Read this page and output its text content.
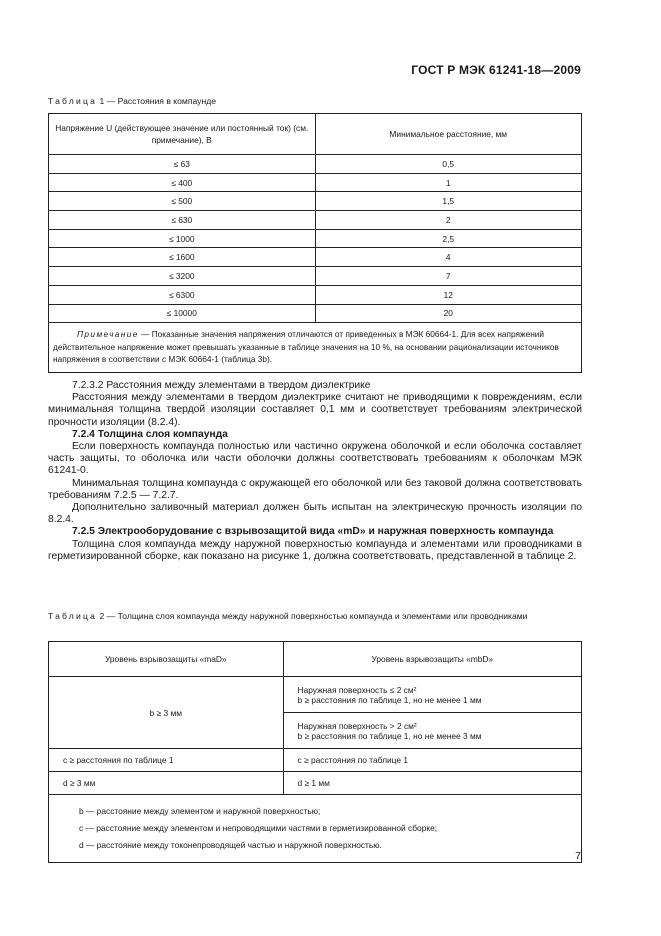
ГОСТ Р МЭК 61241-18—2009
Таблица 1 — Расстояния в компаунде
Напряжение U (действующее значение или постоянный ток) (см. примечание), В	Минимальное расстояние, мм
≤ 63	0,5
≤ 400	1
≤ 500	1,5
≤ 630	2
≤ 1000	2,5
≤ 1600	4
≤ 3200	7
≤ 6300	12
≤ 10000	20
Примечание — Показанные значения напряжения отличаются от приведенных в МЭК 60664-1. Для всех напряжений действительное напряжение может превышать указанные в таблице значения на 10 %, на основании рационализации источников напряжения в соответствии с МЭК 60664-1 (таблица 3b).	

7.2.3.2 Расстояния между элементами в твердом диэлектрике

Расстояния между элементами в твердом диэлектрике считают не приводящими к повреждениям, если минимальная толщина твердой изоляции составляет 0,1 мм и соответствует требованиям электрической прочности изоляции (8.2.4).

7.2.4 Толщина слоя компаунда

Если поверхность компаунда полностью или частично окружена оболочкой и если оболочка составляет часть защиты, то оболочка или части оболочки должны соответствовать требованиям к оболочкам МЭК 61241-0.

Минимальная толщина компаунда с окружающей его оболочкой или без таковой должна соответствовать требованиям 7.2.5 — 7.2.7.

Дополнительно заливочный материал должен быть испытан на электрическую прочность изоляции по 8.2.4.

7.2.5 Электрооборудование с взрывозащитой вида «mD» и наружная поверхность компаунда

Толщина слоя компаунда между наружной поверхностью компаунда и элементами или проводниками в герметизированной сборке, как показано на рисунке 1, должна соответствовать, представленной в таблице 2.

Таблица 2 — Толщина слоя компаунда между наружной поверхностью компаунда и элементами или проводниками
Уровень взрывозащиты «maD»	Уровень взрывозащиты «mbD»
b ≥ 3 мм	Наружная поверхность ≤ 2 см²
b ≥ расстояния по таблице 1, но не менее 1 мм

	Наружная поверхность > 2 см²
b ≥ расстояния по таблице 1, но не менее 3 мм

c ≥ расстояния по таблице 1	c ≥ расстояния по таблице 1
d ≥ 3 мм	d ≥ 1 мм

b — расстояние между элементом и наружной поверхностью;
c — расстояние между элементом и непроводящими частями в герметизированной сборке;
d — расстояние между токонепроводящей частью и наружной поверхностью.	
7
